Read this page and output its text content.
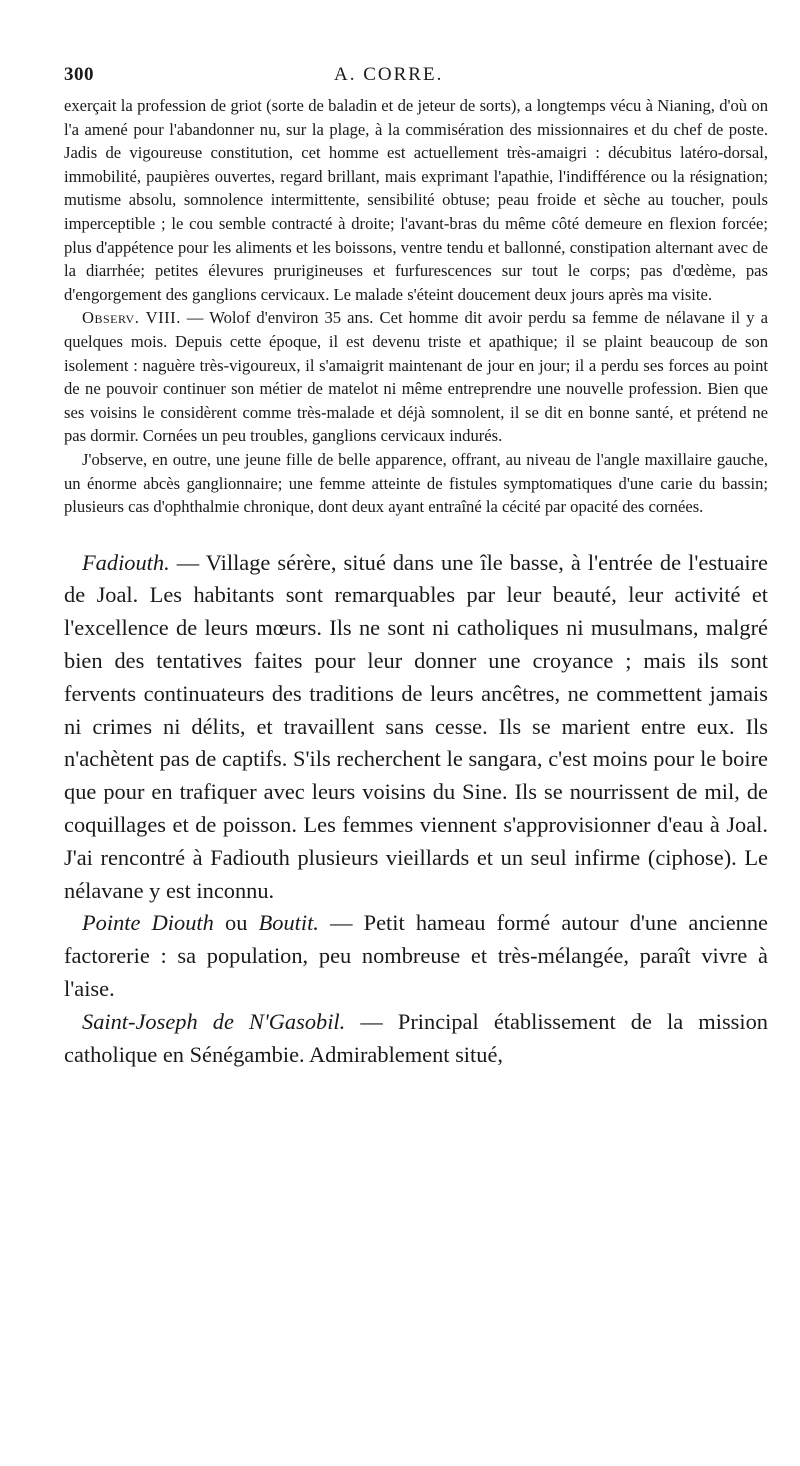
300	A. CORRE.

exerçait la profession de griot (sorte de baladin et de jeteur de sorts), a longtemps vécu à Nianing, d'où on l'a amené pour l'abandonner nu, sur la plage, à la commisération des missionnaires et du chef de poste. Jadis de vigoureuse constitution, cet homme est actuellement très-amaigri : décubitus latéro-dorsal, immobilité, paupières ouvertes, regard brillant, mais exprimant l'apathie, l'indifférence ou la résignation; mutisme absolu, somnolence intermittente, sensibilité obtuse; peau froide et sèche au toucher, pouls imperceptible ; le cou semble contracté à droite; l'avant-bras du même côté demeure en flexion forcée; plus d'appétence pour les aliments et les boissons, ventre tendu et ballonné, constipation alternant avec de la diarrhée; petites élevures prurigineuses et furfurescences sur tout le corps; pas d'œdème, pas d'engorgement des ganglions cervicaux. Le malade s'éteint doucement deux jours après ma visite.

Observ. VIII. — Wolof d'environ 35 ans. Cet homme dit avoir perdu sa femme de nélavane il y a quelques mois. Depuis cette époque, il est devenu triste et apathique; il se plaint beaucoup de son isolement : naguère très-vigoureux, il s'amaigrit maintenant de jour en jour; il a perdu ses forces au point de ne pouvoir continuer son métier de matelot ni même entreprendre une nouvelle profession. Bien que ses voisins le considèrent comme très-malade et déjà somnolent, il se dit en bonne santé, et prétend ne pas dormir. Cornées un peu troubles, ganglions cervicaux indurés.

J'observe, en outre, une jeune fille de belle apparence, offrant, au niveau de l'angle maxillaire gauche, un énorme abcès ganglionnaire; une femme atteinte de fistules symptomatiques d'une carie du bassin; plusieurs cas d'ophthalmie chronique, dont deux ayant entraîné la cécité par opacité des cornées.

Fadiouth. — Village sérère, situé dans une île basse, à l'entrée de l'estuaire de Joal. Les habitants sont remarquables par leur beauté, leur activité et l'excellence de leurs mœurs. Ils ne sont ni catholiques ni musulmans, malgré bien des tentatives faites pour leur donner une croyance ; mais ils sont fervents continuateurs des traditions de leurs ancêtres, ne commettent jamais ni crimes ni délits, et travaillent sans cesse. Ils se marient entre eux. Ils n'achètent pas de captifs. S'ils recherchent le sangara, c'est moins pour le boire que pour en trafiquer avec leurs voisins du Sine. Ils se nourrissent de mil, de coquillages et de poisson. Les femmes viennent s'approvisionner d'eau à Joal. J'ai rencontré à Fadiouth plusieurs vieillards et un seul infirme (ciphose). Le nélavane y est inconnu.

Pointe Diouth ou Boutit. — Petit hameau formé autour d'une ancienne factorerie : sa population, peu nombreuse et très-mélangée, paraît vivre à l'aise.

Saint-Joseph de N'Gasobil. — Principal établissement de la mission catholique en Sénégambie. Admirablement situé,
